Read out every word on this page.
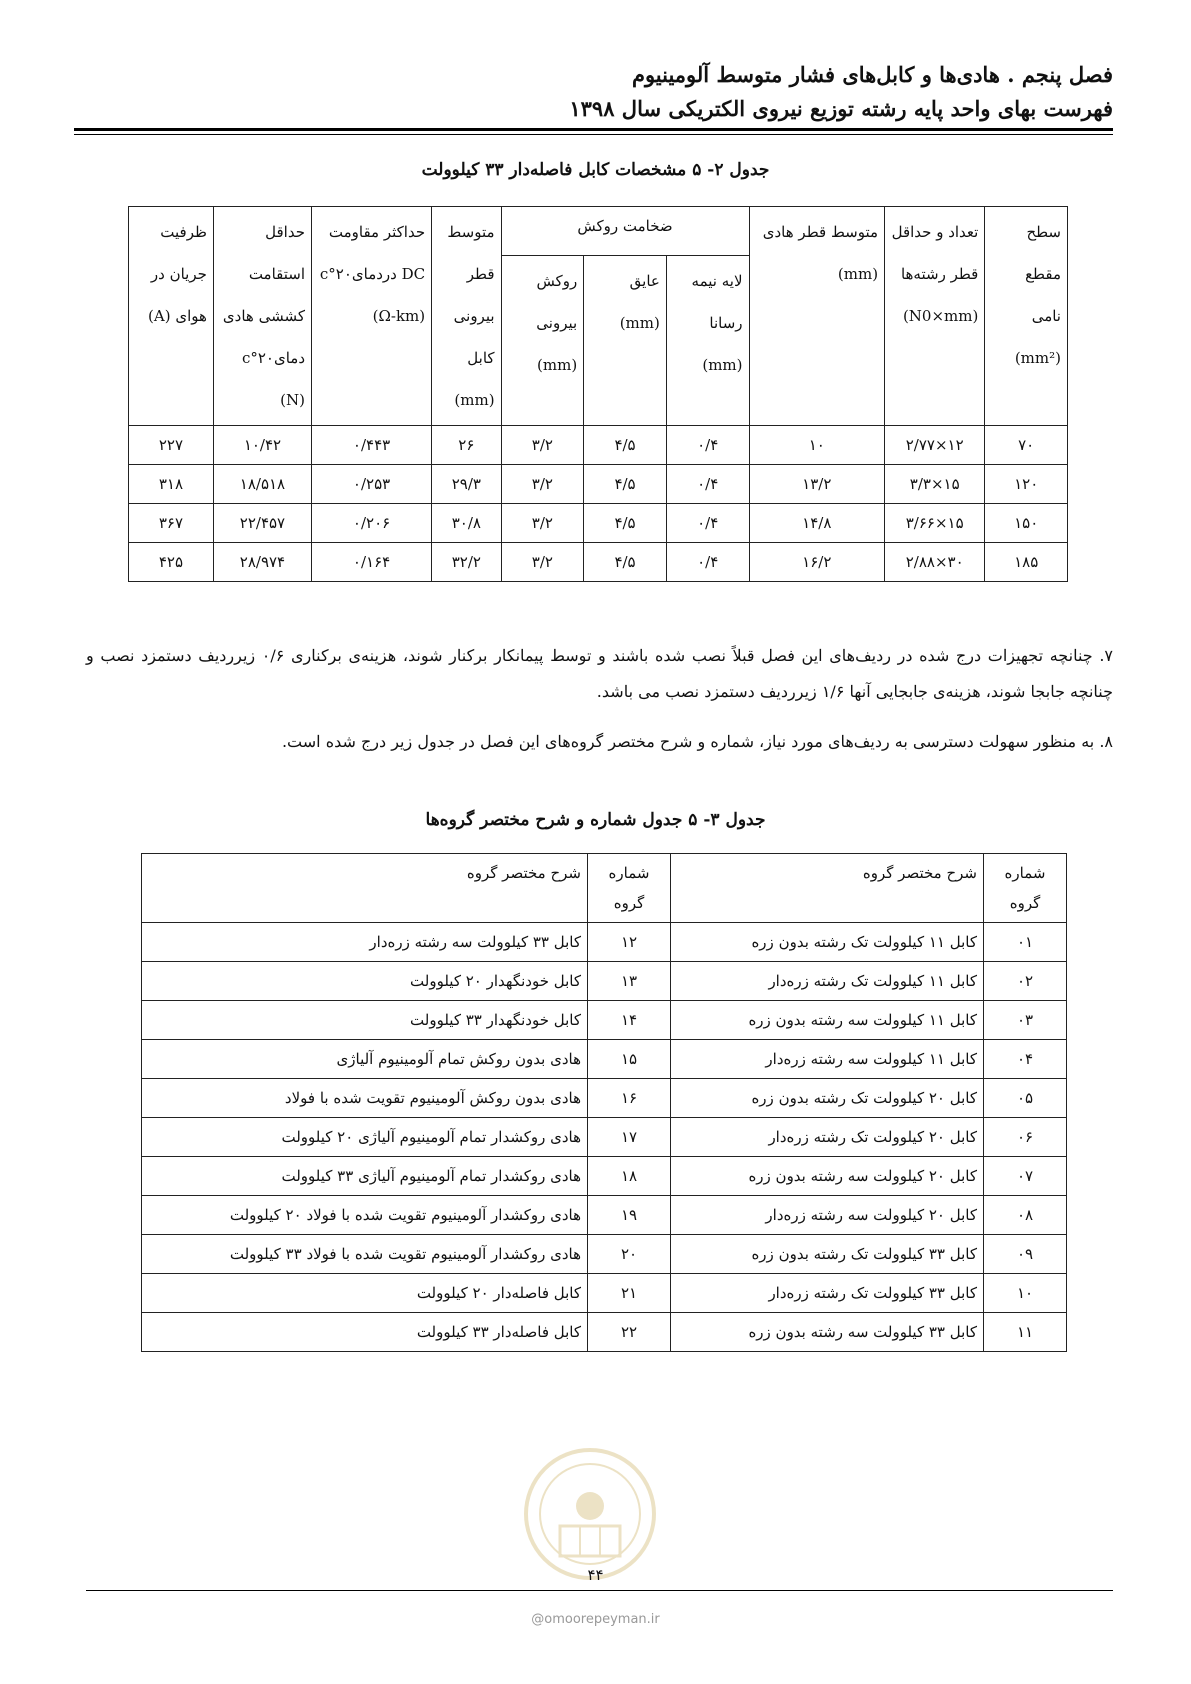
فصل پنجم . هادی‌ها و کابل‌های فشار متوسط آلومینیوم
فهرست بهای واحد پایه رشته توزیع نیروی الکتریکی سال ۱۳۹۸
جدول ۲- ۵ مشخصات کابل فاصله‌دار ۳۳ کیلوولت
سطح مقطع نامی (mm²)	تعداد و حداقل قطر رشته‌ها (N0×mm)	متوسط قطر هادی (mm)	ضخامت روکش			متوسط قطر بیرونی کابل (mm)	حداکثر مقاومت DC دردمای۲۰°c (Ω-km)	حداقل استقامت کششی هادی دمای۲۰°c (N)	ظرفیت جریان در هوای (A)
			لایه نیمه رسانا (mm)	عایق (mm)	روکش بیرونی (mm)				
۷۰	۱۲×۲/۷۷	۱۰	۰/۴	۴/۵	۳/۲	۲۶	۰/۴۴۳	۱۰/۴۲	۲۲۷
۱۲۰	۱۵×۳/۳	۱۳/۲	۰/۴	۴/۵	۳/۲	۲۹/۳	۰/۲۵۳	۱۸/۵۱۸	۳۱۸
۱۵۰	۱۵×۳/۶۶	۱۴/۸	۰/۴	۴/۵	۳/۲	۳۰/۸	۰/۲۰۶	۲۲/۴۵۷	۳۶۷
۱۸۵	۳۰×۲/۸۸	۱۶/۲	۰/۴	۴/۵	۳/۲	۳۲/۲	۰/۱۶۴	۲۸/۹۷۴	۴۲۵
۷. چنانچه تجهیزات درج شده در ردیف‌های این فصل قبلاً نصب شده باشند و توسط پیمانکار برکنار شوند، هزینه‌ی برکناری ۰/۶ زیرردیف دستمزد نصب و چنانچه جابجا شوند، هزینه‌ی جابجایی آنها ۱/۶ زیرردیف دستمزد نصب می باشد.
۸. به منظور سهولت دسترسی به ردیف‌های مورد نیاز، شماره و شرح مختصر گروه‌های این فصل در جدول زیر درج شده است.
جدول ۳- ۵ جدول شماره و شرح مختصر گروه‌ها
شماره گروه	شرح مختصر گروه	شماره گروه	شرح مختصر گروه
۰۱	کابل ۱۱ کیلوولت تک رشته بدون زره	۱۲	کابل ۳۳ کیلوولت سه رشته زره‌دار
۰۲	کابل ۱۱ کیلوولت تک رشته زره‌دار	۱۳	کابل خودنگهدار ۲۰ کیلوولت
۰۳	کابل ۱۱ کیلوولت سه رشته بدون زره	۱۴	کابل خودنگهدار ۳۳ کیلوولت
۰۴	کابل ۱۱ کیلوولت سه رشته زره‌دار	۱۵	هادی بدون روکش تمام آلومینیوم آلیاژی
۰۵	کابل ۲۰ کیلوولت تک رشته بدون زره	۱۶	هادی بدون روکش آلومینیوم تقویت شده با فولاد
۰۶	کابل ۲۰ کیلوولت تک رشته زره‌دار	۱۷	هادی روکشدار تمام آلومینیوم آلیاژی ۲۰ کیلوولت
۰۷	کابل ۲۰ کیلوولت سه رشته بدون زره	۱۸	هادی روکشدار تمام آلومینیوم آلیاژی ۳۳ کیلوولت
۰۸	کابل ۲۰ کیلوولت سه رشته زره‌دار	۱۹	هادی روکشدار آلومینیوم تقویت شده با فولاد ۲۰ کیلوولت
۰۹	کابل ۳۳ کیلوولت تک رشته بدون زره	۲۰	هادی روکشدار آلومینیوم تقویت شده با فولاد ۳۳ کیلوولت
۱۰	کابل ۳۳ کیلوولت تک رشته زره‌دار	۲۱	کابل فاصله‌دار ۲۰ کیلوولت
۱۱	کابل ۳۳ کیلوولت سه رشته بدون زره	۲۲	کابل فاصله‌دار ۳۳ کیلوولت
۴۴
@omoorepeyman.ir
